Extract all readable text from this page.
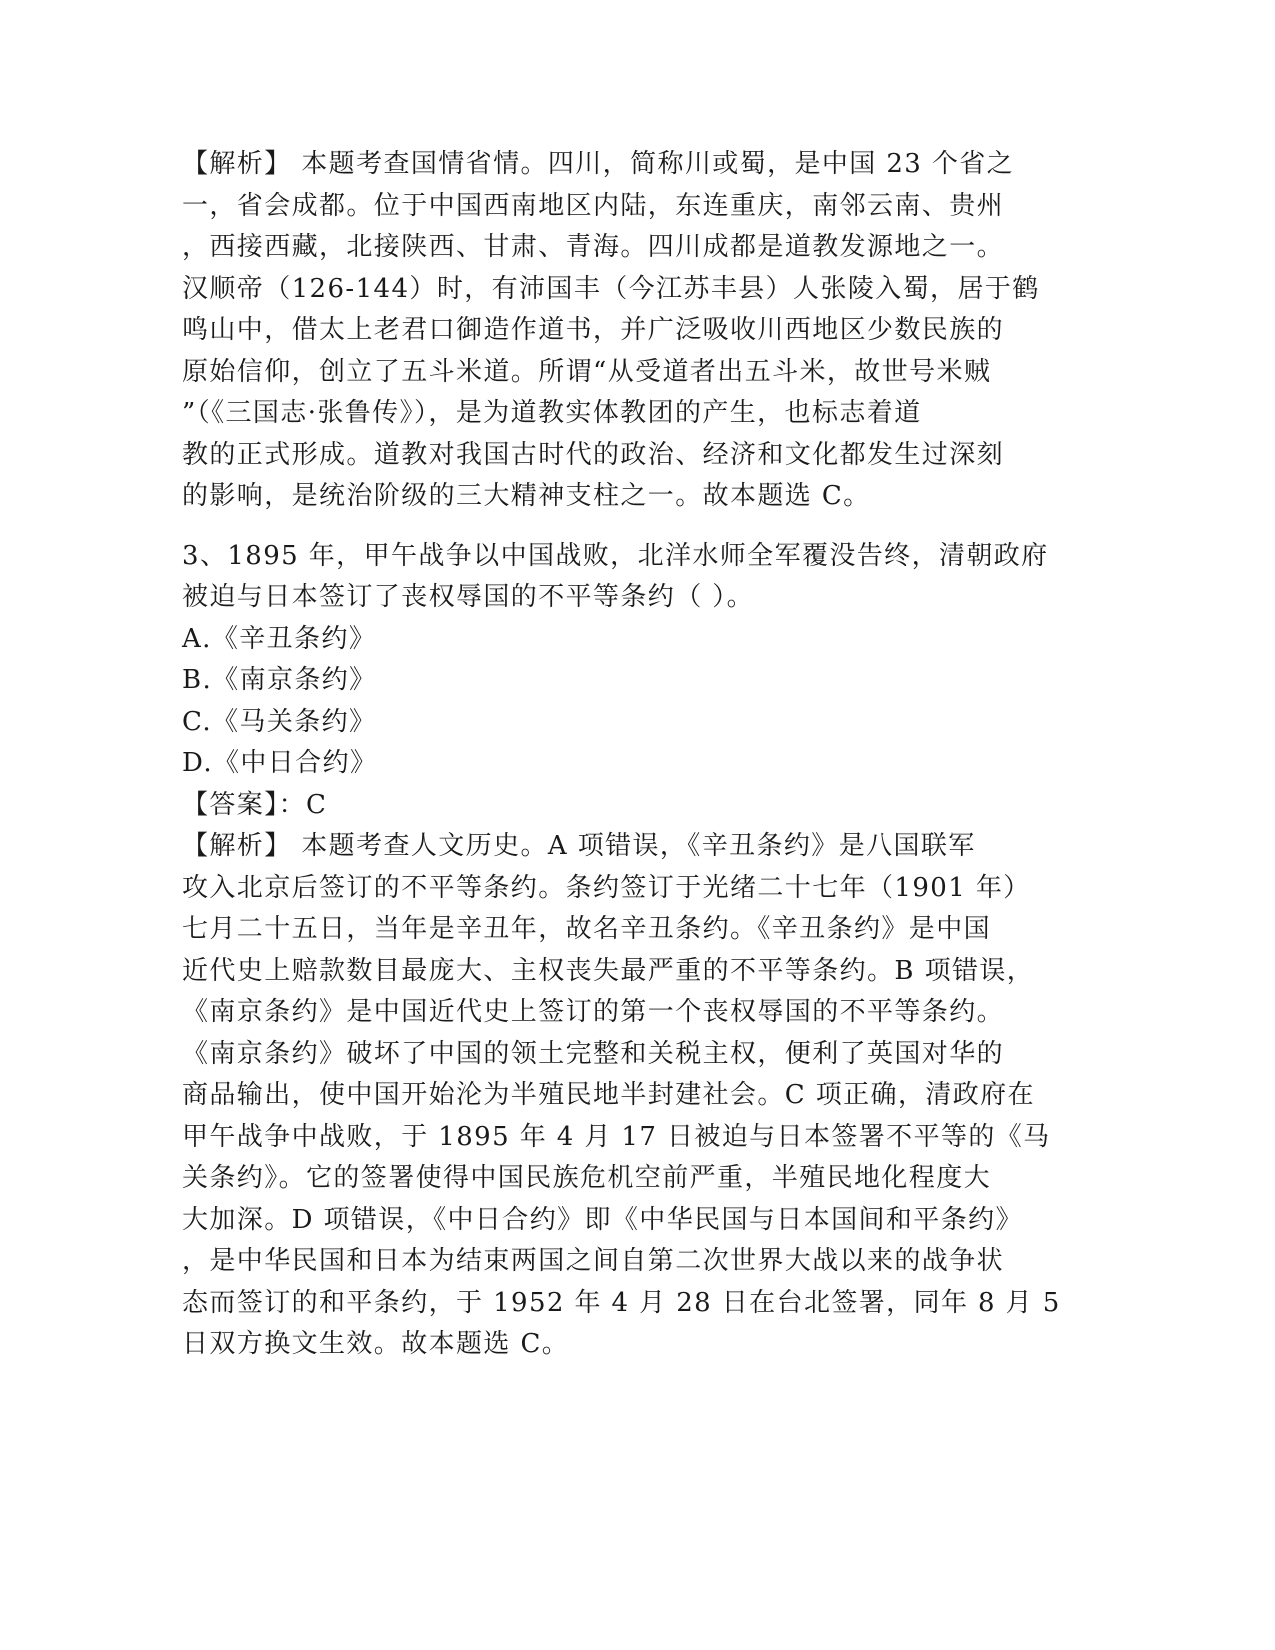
【解析】 本题考查国情省情。四川，简称川或蜀，是中国 23 个省之
一，省会成都。位于中国西南地区内陆，东连重庆，南邻云南、贵州
，西接西藏，北接陕西、甘肃、青海。四川成都是道教发源地之一。
汉顺帝（126-144）时，有沛国丰（今江苏丰县）人张陵入蜀，居于鹤
鸣山中，借太上老君口御造作道书，并广泛吸收川西地区少数民族的
原始信仰，创立了五斗米道。所谓“从受道者出五斗米，故世号米贼
”（《三国志·张鲁传》），是为道教实体教团的产生，也标志着道
教的正式形成。道教对我国古时代的政治、经济和文化都发生过深刻
的影响，是统治阶级的三大精神支柱之一。故本题选 C。
3、1895 年，甲午战争以中国战败，北洋水师全军覆没告终，清朝政府
被迫与日本签订了丧权辱国的不平等条约（ ）。
A.《辛丑条约》
B.《南京条约》
C.《马关条约》
D.《中日合约》
【答案】：C
【解析】 本题考查人文历史。A 项错误，《辛丑条约》是八国联军
攻入北京后签订的不平等条约。条约签订于光绪二十七年（1901 年）
七月二十五日，当年是辛丑年，故名辛丑条约。《辛丑条约》是中国
近代史上赔款数目最庞大、主权丧失最严重的不平等条约。B 项错误，
《南京条约》是中国近代史上签订的第一个丧权辱国的不平等条约。
《南京条约》破坏了中国的领土完整和关税主权，便利了英国对华的
商品输出，使中国开始沦为半殖民地半封建社会。C 项正确，清政府在
甲午战争中战败，于 1895 年 4 月 17 日被迫与日本签署不平等的《马
关条约》。它的签署使得中国民族危机空前严重，半殖民地化程度大
大加深。D 项错误，《中日合约》即《中华民国与日本国间和平条约》
，是中华民国和日本为结束两国之间自第二次世界大战以来的战争状
态而签订的和平条约，于 1952 年 4 月 28 日在台北签署，同年 8 月 5
日双方换文生效。故本题选 C。
